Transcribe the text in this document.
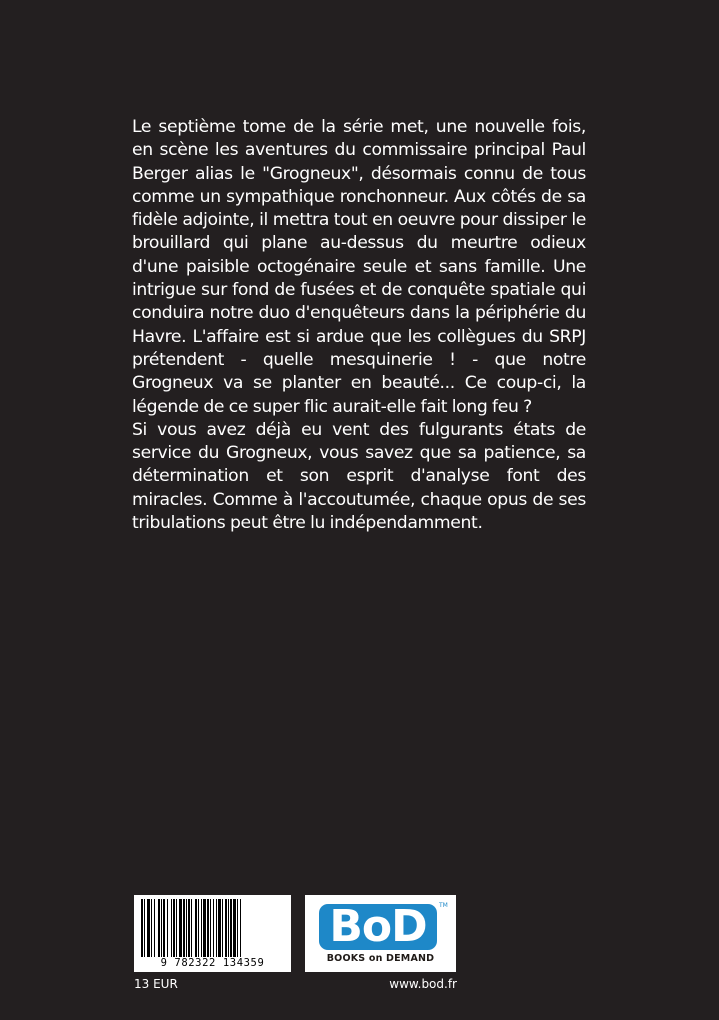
Le septième tome de la série met, une nouvelle fois, en scène les aventures du commissaire principal Paul Berger alias le "Grogneux", désormais connu de tous comme un sympathique ronchonneur. Aux côtés de sa fidèle adjointe, il mettra tout en oeuvre pour dissiper le brouillard qui plane au-dessus du meurtre odieux d'une paisible octogénaire seule et sans famille. Une intrigue sur fond de fusées et de conquête spatiale qui conduira notre duo d'enquêteurs dans la périphérie du Havre. L'affaire est si ardue que les collègues du SRPJ prétendent - quelle mesquinerie ! - que notre Grogneux va se planter en beauté... Ce coup-ci, la légende de ce super flic aurait-elle fait long feu ?

Si vous avez déjà eu vent des fulgurants états de service du Grogneux, vous savez que sa patience, sa détermination et son esprit d'analyse font des miracles. Comme à l'accoutumée, chaque opus de ses tribulations peut être lu indépendamment.

9 782322 134359
BoD	TM
BOOKS on DEMAND
13 EUR	www.bod.fr
